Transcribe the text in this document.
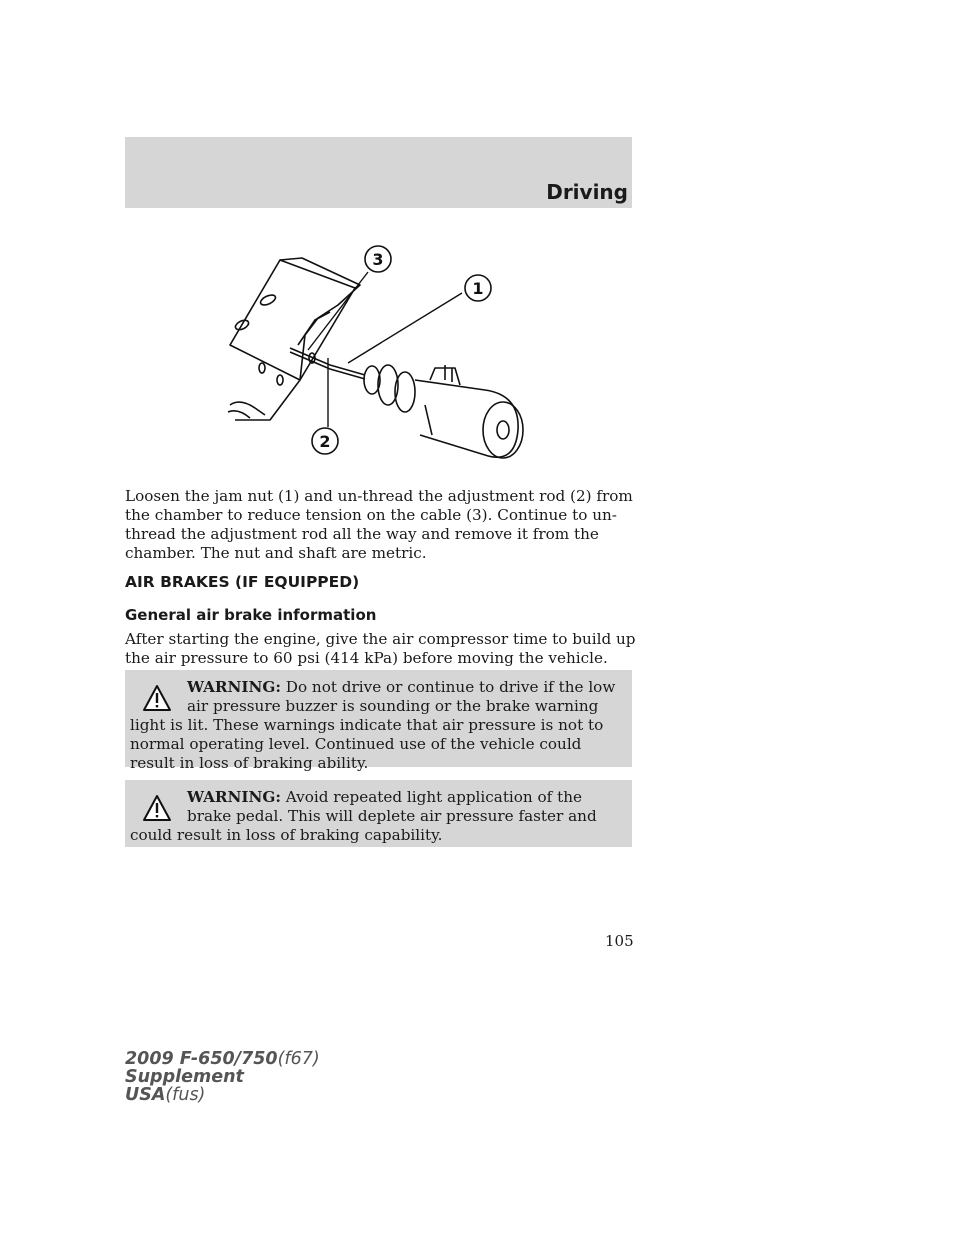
Driving
3
1
2

Loosen the jam nut (1) and un-thread the adjustment rod (2) from the chamber to reduce tension on the cable (3). Continue to un-thread the adjustment rod all the way and remove it from the chamber. The nut and shaft are metric.

AIR BRAKES (IF EQUIPPED)
General air brake information

After starting the engine, give the air compressor time to build up the air pressure to 60 psi (414 kPa) before moving the vehicle.

WARNING: Do not drive or continue to drive if the low air pressure buzzer is sounding or the brake warning light is lit. These warnings indicate that air pressure is not to normal operating level. Continued use of the vehicle could result in loss of braking ability.
WARNING: Avoid repeated light application of the brake pedal. This will deplete air pressure faster and could result in loss of braking capability.
105
2009 F-650/750(f67)
Supplement
USA(fus)
